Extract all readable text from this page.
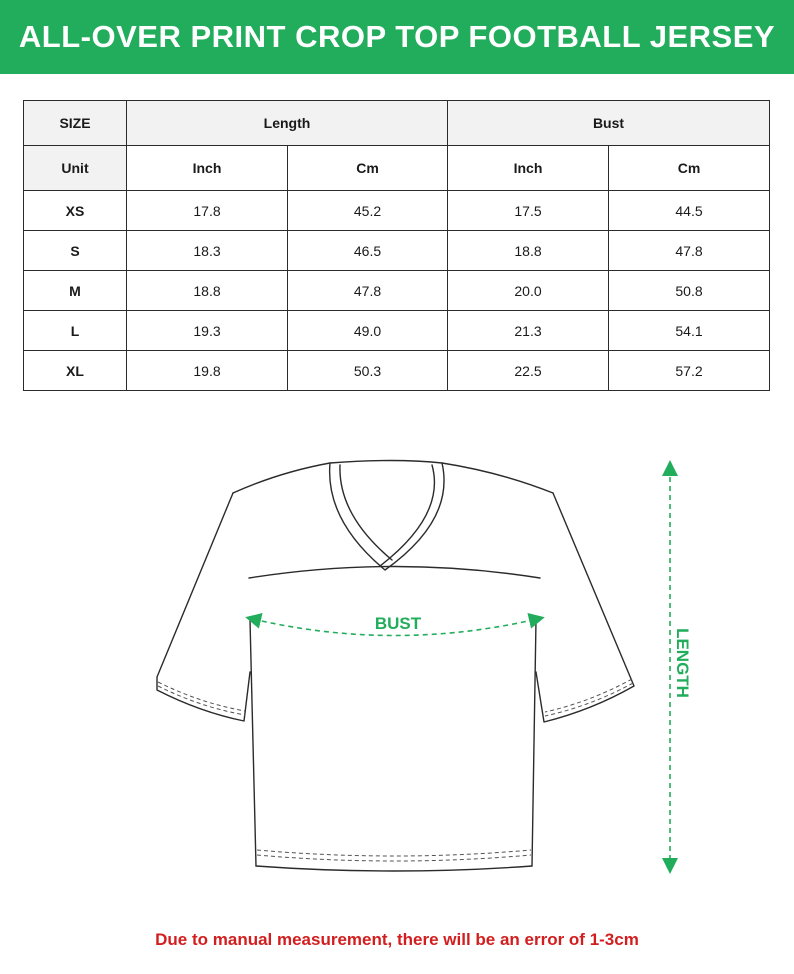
ALL-OVER PRINT CROP TOP FOOTBALL JERSEY
SIZE	Length		Bust	
Unit	Inch	Cm	Inch	Cm
XS	17.8	45.2	17.5	44.5
S	18.3	46.5	18.8	47.8
M	18.8	47.8	20.0	50.8
L	19.3	49.0	21.3	54.1
XL	19.8	50.3	22.5	57.2
BUST
LENGTH
Due to manual measurement, there will be an error of 1-3cm
